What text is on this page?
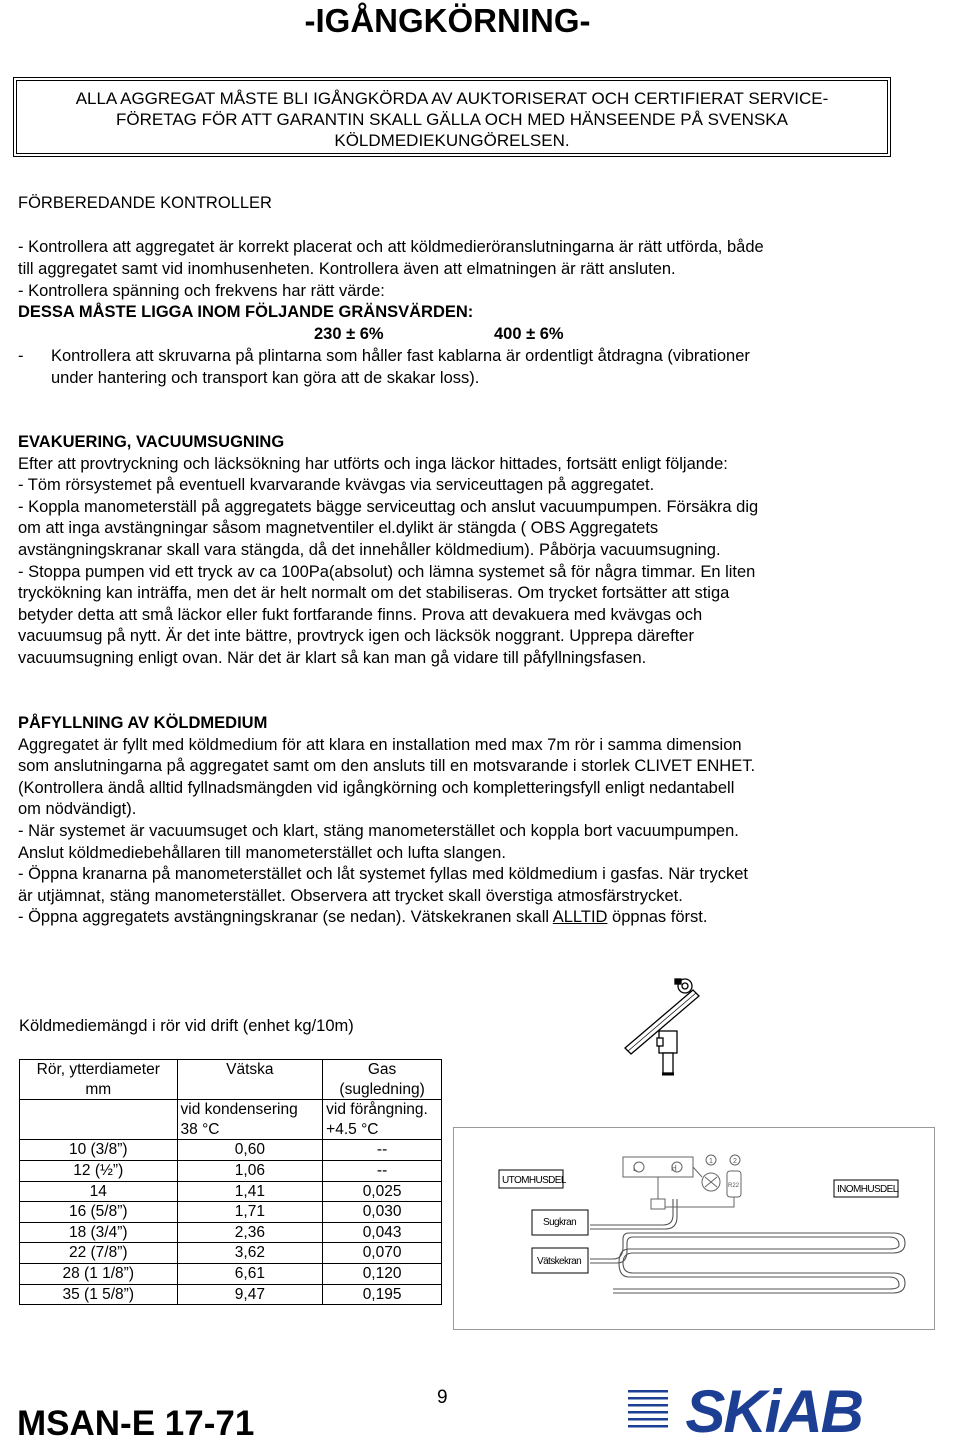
-IGÅNGKÖRNING-
ALLA AGGREGAT MÅSTE BLI IGÅNGKÖRDA AV AUKTORISERAT OCH CERTIFIERAT SERVICE-
FÖRETAG FÖR ATT GARANTIN SKALL GÄLLA OCH MED HÄNSEENDE PÅ SVENSKA
KÖLDMEDIEKUNGÖRELSEN.
FÖRBEREDANDE KONTROLLER
- Kontrollera att aggregatet är korrekt placerat och att köldmedieröranslutningarna är rätt utförda, både
till aggregatet samt vid inomhusenheten. Kontrollera även att elmatningen är rätt ansluten.
- Kontrollera spänning och frekvens har rätt värde:
DESSA MÅSTE LIGGA INOM FÖLJANDE GRÄNSVÄRDEN:
230 ± 6%	400 ± 6%
- Kontrollera att skruvarna på plintarna som håller fast kablarna är ordentligt åtdragna (vibrationer
under hantering och transport kan göra att de skakar loss).
EVAKUERING, VACUUMSUGNING
Efter att provtryckning och läcksökning har utförts och inga läckor hittades, fortsätt enligt följande:
- Töm rörsystemet på eventuell kvarvarande kvävgas via serviceuttagen på aggregatet.
- Koppla manometerställ på aggregatets bägge serviceuttag och anslut vacuumpumpen. Försäkra dig
om att inga avstängningar såsom magnetventiler el.dylikt är stängda ( OBS Aggregatets
avstängningskranar skall vara stängda, då det innehåller köldmedium). Påbörja vacuumsugning.
- Stoppa pumpen vid ett tryck av ca 100Pa(absolut) och lämna systemet så för några timmar. En liten
tryckökning kan inträffa, men det är helt normalt om det stabiliseras. Om trycket fortsätter att stiga
betyder detta att små läckor eller fukt fortfarande finns. Prova att devakuera med kvävgas och
vacuumsug på nytt. Är det inte bättre, provtryck igen och läcksök noggrant. Upprepa därefter
vacuumsugning enligt ovan. När det är klart så kan man gå vidare till påfyllningsfasen.
PÅFYLLNING AV KÖLDMEDIUM
Aggregatet är fyllt med köldmedium för att klara en installation med max 7m rör i samma dimension
som anslutningarna på aggregatet samt om den ansluts till en motsvarande i storlek CLIVET ENHET.
(Kontrollera ändå alltid fyllnadsmängden vid igångkörning och kompletteringsfyll enligt nedantabell
om nödvändigt).
- När systemet är vacuumsuget och klart, stäng manometerstället och koppla bort vacuumpumpen.
Anslut köldmediebehållaren till manometerstället och lufta slangen.
- Öppna kranarna på manometerstället och låt systemet fyllas med köldmedium i gasfas. När trycket
är utjämnat, stäng manometerstället. Observera att trycket skall överstiga atmosfärstrycket.
- Öppna aggregatets avstängningskranar (se nedan). Vätskekranen skall ALLTID öppnas först.
Köldmediemängd i rör vid drift (enhet kg/10m)
Rör, ytterdiameter mm	Vätska	Gas (sugledning)
	vid kondensering 38 °C	vid förångning. +4.5 °C
10 (3/8”)	0,60	--
12 (½”)	1,06	--
14	1,41	0,025
16 (5/8”)	1,71	0,030
18 (3/4”)	2,36	0,043
22 (7/8”)	3,62	0,070
28 (1 1/8”)	6,61	0,120
35 (1 5/8”)	9,47	0,195
UTOMHUSDEL
INOMHUSDEL
Sugkran
Vätskekran
L	H
1	2
R22
MSAN-E 17-71
9	SKiAB
